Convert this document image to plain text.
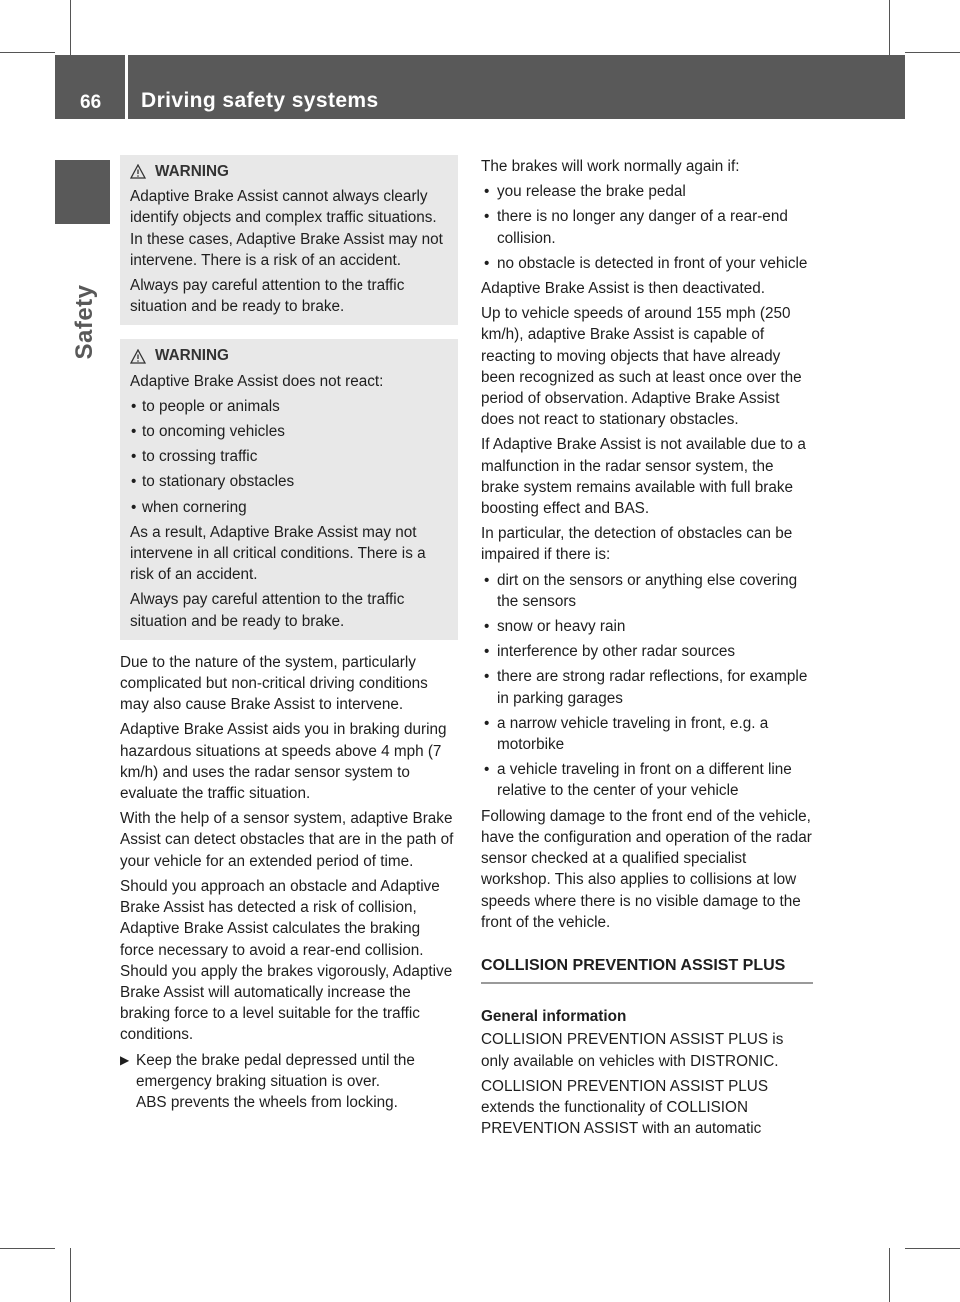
66 Driving safety systems
Safety
WARNING

Adaptive Brake Assist cannot always clearly identify objects and complex traffic situations. In these cases, Adaptive Brake Assist may not intervene. There is a risk of an accident.

Always pay careful attention to the traffic situation and be ready to brake.

WARNING

Adaptive Brake Assist does not react:

• to people or animals
• to oncoming vehicles
• to crossing traffic
• to stationary obstacles
• when cornering

As a result, Adaptive Brake Assist may not intervene in all critical conditions. There is a risk of an accident.

Always pay careful attention to the traffic situation and be ready to brake.

Due to the nature of the system, particularly complicated but non-critical driving conditions may also cause Brake Assist to intervene.

Adaptive Brake Assist aids you in braking during hazardous situations at speeds above 4 mph (7 km/h) and uses the radar sensor system to evaluate the traffic situation.

With the help of a sensor system, adaptive Brake Assist can detect obstacles that are in the path of your vehicle for an extended period of time.

Should you approach an obstacle and Adaptive Brake Assist has detected a risk of collision, Adaptive Brake Assist calculates the braking force necessary to avoid a rear-end collision. Should you apply the brakes vigorously, Adaptive Brake Assist will automatically increase the braking force to a level suitable for the traffic conditions.

▶ Keep the brake pedal depressed until the emergency braking situation is over.
ABS prevents the wheels from locking.

The brakes will work normally again if:

• you release the brake pedal
• there is no longer any danger of a rear-end collision.
• no obstacle is detected in front of your vehicle

Adaptive Brake Assist is then deactivated.

Up to vehicle speeds of around 155 mph (250 km/h), adaptive Brake Assist is capable of reacting to moving objects that have already been recognized as such at least once over the period of observation. Adaptive Brake Assist does not react to stationary obstacles.

If Adaptive Brake Assist is not available due to a malfunction in the radar sensor system, the brake system remains available with full brake boosting effect and BAS.

In particular, the detection of obstacles can be impaired if there is:

• dirt on the sensors or anything else covering the sensors
• snow or heavy rain
• interference by other radar sources
• there are strong radar reflections, for example in parking garages
• a narrow vehicle traveling in front, e.g. a motorbike
• a vehicle traveling in front on a different line relative to the center of your vehicle

Following damage to the front end of the vehicle, have the configuration and operation of the radar sensor checked at a qualified specialist workshop. This also applies to collisions at low speeds where there is no visible damage to the front of the vehicle.

COLLISION PREVENTION ASSIST PLUS
General information

COLLISION PREVENTION ASSIST PLUS is only available on vehicles with DISTRONIC.

COLLISION PREVENTION ASSIST PLUS extends the functionality of COLLISION PREVENTION ASSIST with an automatic
